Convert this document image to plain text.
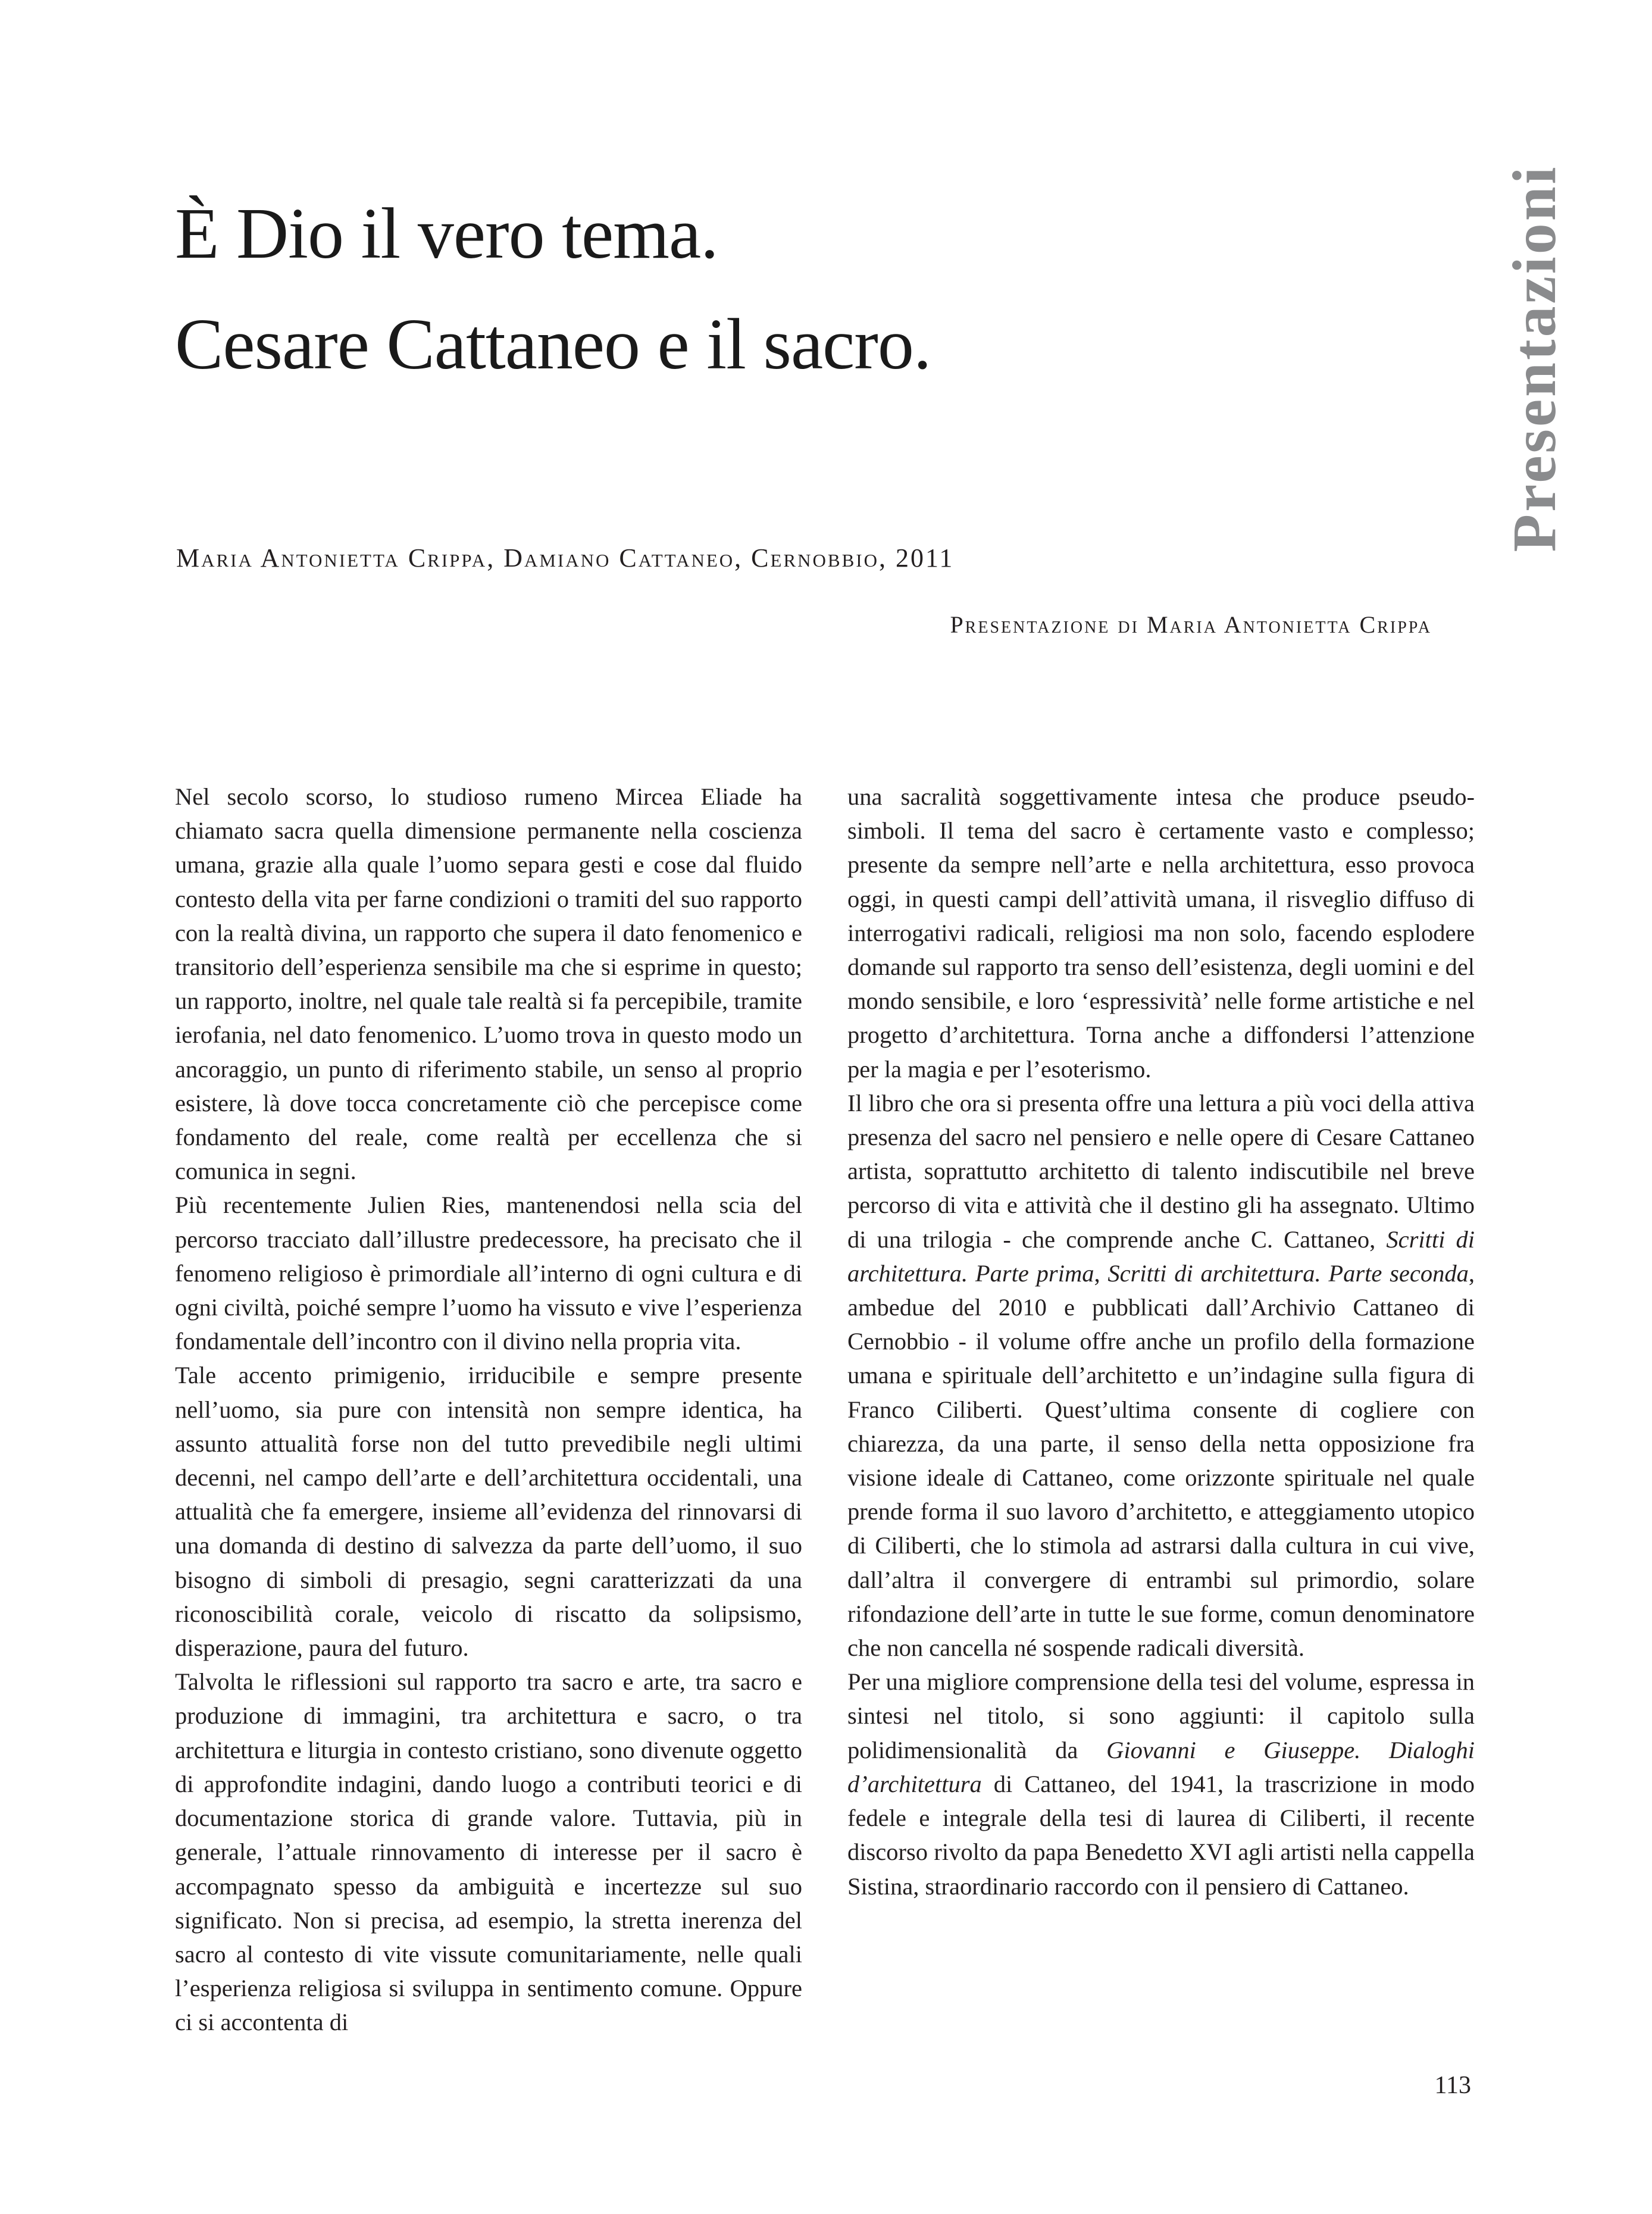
È Dio il vero tema.
Cesare Cattaneo e il sacro.	Presentazioni

Maria Antonietta Crippa, Damiano Cattaneo, Cernobbio, 2011

Presentazione di Maria Antonietta Crippa

Nel secolo scorso, lo studioso rumeno Mircea Eliade ha chiamato sacra quella dimensione permanente nella coscienza umana, grazie alla quale l’uomo separa gesti e cose dal fluido contesto della vita per farne condizioni o tramiti del suo rapporto con la realtà divina, un rapporto che supera il dato fenomenico e transitorio dell’esperienza sensibile ma che si esprime in questo; un rapporto, inoltre, nel quale tale realtà si fa percepibile, tramite ierofania, nel dato fenomenico. L’uomo trova in questo modo un ancoraggio, un punto di riferimento stabile, un senso al proprio esistere, là dove tocca concretamente ciò che percepisce come fondamento del reale, come realtà per eccellenza che si comunica in segni.

Più recentemente Julien Ries, mantenendosi nella scia del percorso tracciato dall’illustre predecessore, ha precisato che il fenomeno religioso è primordiale all’interno di ogni cultura e di ogni civiltà, poiché sempre l’uomo ha vissuto e vive l’esperienza fondamentale dell’incontro con il divino nella propria vita.

Tale accento primigenio, irriducibile e sempre presente nell’uomo, sia pure con intensità non sempre identica, ha assunto attualità forse non del tutto prevedibile negli ultimi decenni, nel campo dell’arte e dell’architettura occidentali, una attualità che fa emergere, insieme all’evidenza del rinnovarsi di una domanda di destino di salvezza da parte dell’uomo, il suo bisogno di simboli di presagio, segni caratterizzati da una riconoscibilità corale, veicolo di riscatto da solipsismo, disperazione, paura del futuro.

Talvolta le riflessioni sul rapporto tra sacro e arte, tra sacro e produzione di immagini, tra architettura e sacro, o tra architettura e liturgia in contesto cristiano, sono divenute oggetto di approfondite indagini, dando luogo a contributi teorici e di documentazione storica di grande valore. Tuttavia, più in generale, l’attuale rinnovamento di interesse per il sacro è accompagnato spesso da ambiguità e incertezze sul suo significato. Non si precisa, ad esempio, la stretta inerenza del sacro al contesto di vite vissute comunitariamente, nelle quali l’esperienza religiosa si sviluppa in sentimento comune. Oppure ci si accontenta di

una sacralità soggettivamente intesa che produce pseudo-simboli. Il tema del sacro è certamente vasto e complesso; presente da sempre nell’arte e nella architettura, esso provoca oggi, in questi campi dell’attività umana, il risveglio diffuso di interrogativi radicali, religiosi ma non solo, facendo esplodere domande sul rapporto tra senso dell’esistenza, degli uomini e del mondo sensibile, e loro ‘espressività’ nelle forme artistiche e nel progetto d’architettura. Torna anche a diffondersi l’attenzione per la magia e per l’esoterismo.

Il libro che ora si presenta offre una lettura a più voci della attiva presenza del sacro nel pensiero e nelle opere di Cesare Cattaneo artista, soprattutto architetto di talento indiscutibile nel breve percorso di vita e attività che il destino gli ha assegnato. Ultimo di una trilogia - che comprende anche C. Cattaneo, Scritti di architettura. Parte prima, Scritti di architettura. Parte seconda, ambedue del 2010 e pubblicati dall’Archivio Cattaneo di Cernobbio - il volume offre anche un profilo della formazione umana e spirituale dell’architetto e un’indagine sulla figura di Franco Ciliberti. Quest’ultima consente di cogliere con chiarezza, da una parte, il senso della netta opposizione fra visione ideale di Cattaneo, come orizzonte spirituale nel quale prende forma il suo lavoro d’architetto, e atteggiamento utopico di Ciliberti, che lo stimola ad astrarsi dalla cultura in cui vive, dall’altra il convergere di entrambi sul primordio, solare rifondazione dell’arte in tutte le sue forme, comun denominatore che non cancella né sospende radicali diversità.

Per una migliore comprensione della tesi del volume, espressa in sintesi nel titolo, si sono aggiunti: il capitolo sulla polidimensionalità da Giovanni e Giuseppe. Dialoghi d’architettura di Cattaneo, del 1941, la trascrizione in modo fedele e integrale della tesi di laurea di Ciliberti, il recente discorso rivolto da papa Benedetto XVI agli artisti nella cappella Sistina, straordinario raccordo con il pensiero di Cattaneo.

113
